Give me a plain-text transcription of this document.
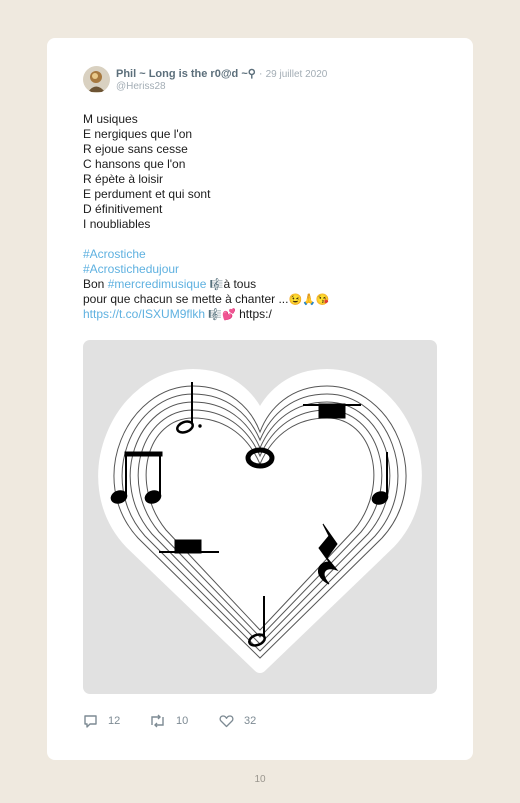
Phil ~ Long is the r0@d ~⚲ · 29 juillet 2020
@Heriss28
M usiques
E nergiques que l'on
R ejoue sans cesse
C hansons que l'on
R épète à loisir
E perdument et qui sont
D éfinitivement
I noubliables
#Acrostiche
#Acrostichedujour
Bon #mercredimusique 🎼à tous
pour que chacun se mette à chanter ...😉🙏😘
https://t.co/ISXUM9flkh 🎼💕 https:/
12	10	32
10
